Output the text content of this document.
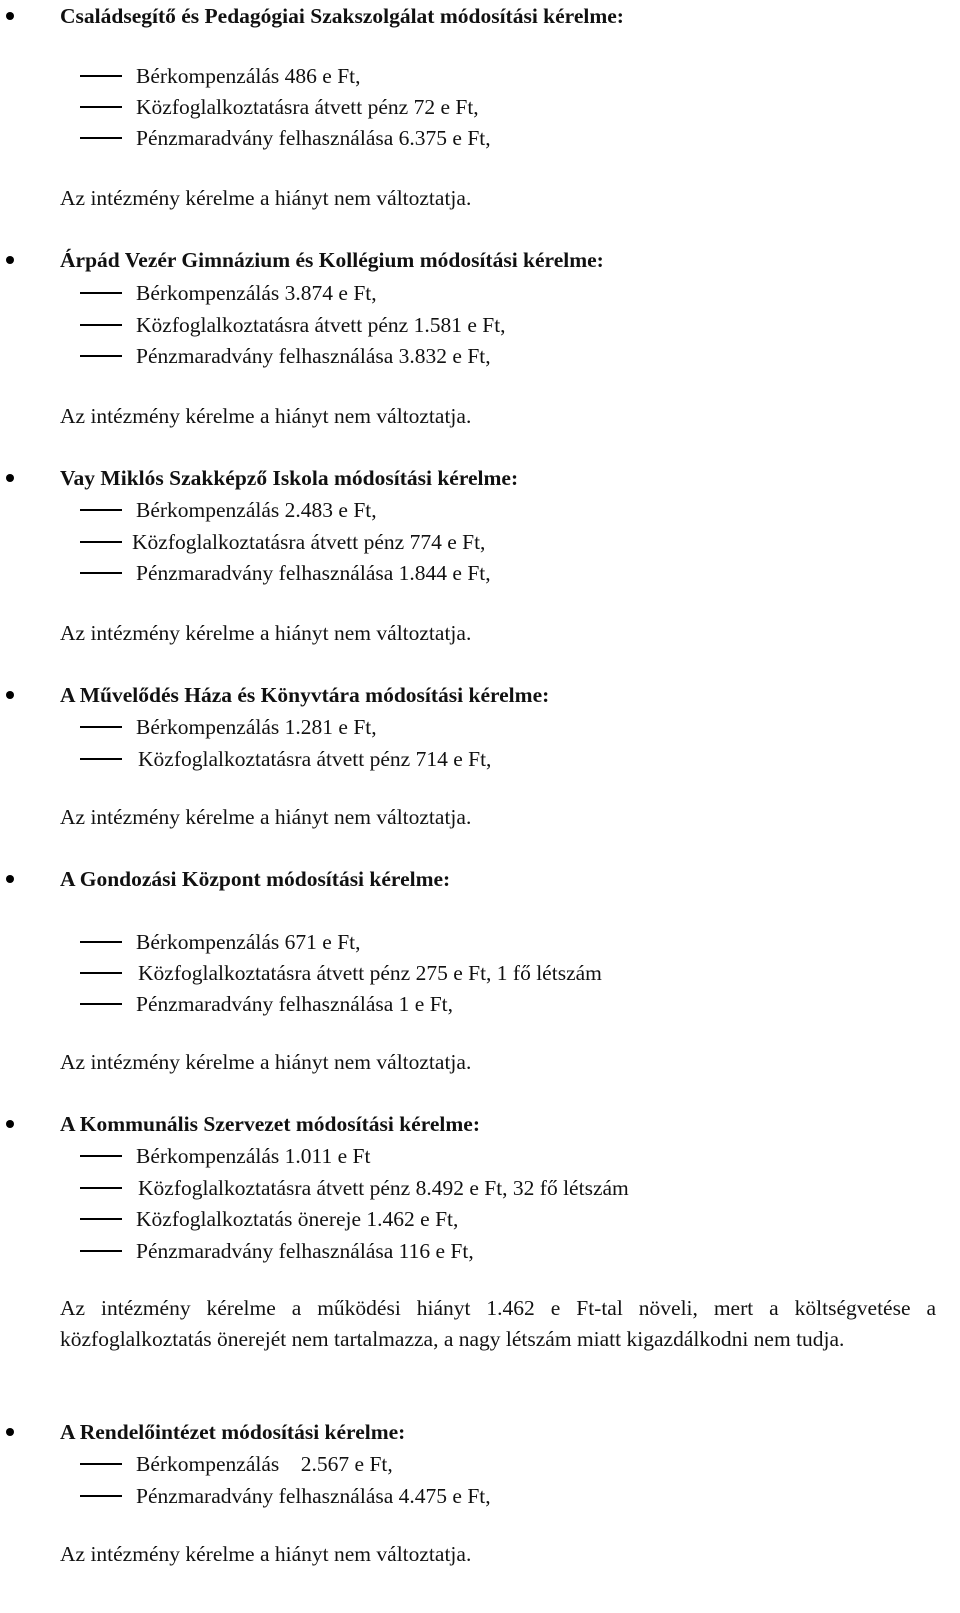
Családsegítő és Pedagógiai Szakszolgálat módosítási kérelme:
Bérkompenzálás 486 e Ft,
Közfoglalkoztatásra átvett pénz 72 e Ft,
Pénzmaradvány felhasználása 6.375 e Ft,
Az intézmény kérelme a hiányt nem változtatja.
Árpád Vezér Gimnázium és Kollégium módosítási kérelme:
Bérkompenzálás 3.874 e Ft,
Közfoglalkoztatásra átvett pénz 1.581 e Ft,
Pénzmaradvány felhasználása 3.832 e Ft,
Az intézmény kérelme a hiányt nem változtatja.
Vay Miklós Szakképző Iskola módosítási kérelme:
Bérkompenzálás 2.483 e Ft,
Közfoglalkoztatásra átvett pénz 774 e Ft,
Pénzmaradvány felhasználása 1.844 e Ft,
Az intézmény kérelme a hiányt nem változtatja.
A Művelődés Háza és Könyvtára módosítási kérelme:
Bérkompenzálás 1.281 e Ft,
Közfoglalkoztatásra átvett pénz 714 e Ft,
Az intézmény kérelme a hiányt nem változtatja.
A Gondozási Központ módosítási kérelme:
Bérkompenzálás 671 e Ft,
Közfoglalkoztatásra átvett pénz 275 e Ft, 1 fő létszám
Pénzmaradvány felhasználása 1 e Ft,
Az intézmény kérelme a hiányt nem változtatja.
A Kommunális Szervezet módosítási kérelme:
Bérkompenzálás 1.011 e Ft
Közfoglalkoztatásra átvett pénz 8.492 e Ft, 32 fő létszám
Közfoglalkoztatás önereje 1.462 e Ft,
Pénzmaradvány felhasználása 116 e Ft,
Az intézmény kérelme a működési hiányt 1.462 e Ft-tal növeli, mert a költségvetése a közfoglalkoztatás önerejét nem tartalmazza, a nagy létszám miatt kigazdálkodni nem tudja.
A Rendelőintézet módosítási kérelme:
Bérkompenzálás    2.567 e Ft,
Pénzmaradvány felhasználása 4.475 e Ft,
Az intézmény kérelme a hiányt nem változtatja.
